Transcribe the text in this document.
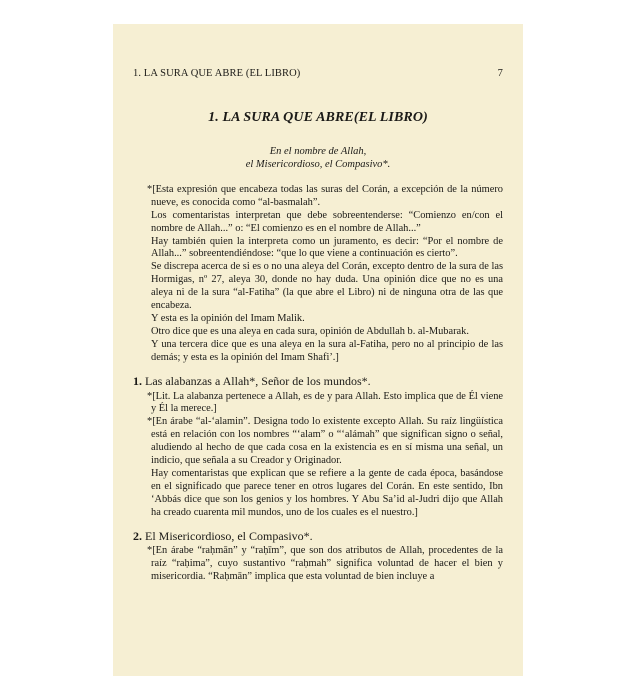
1. LA SURA QUE ABRE (EL LIBRO)	7
1. LA SURA QUE ABRE(EL LIBRO)
En el nombre de Allah,
el Misericordioso, el Compasivo*.

*[Esta expresión que encabeza todas las suras del Corán, a excepción de la número nueve, es conocida como “al-basmalah”.

Los comentaristas interpretan que debe sobreentenderse: “Comienzo en/con el nombre de Allah...” o: “El comienzo es en el nombre de Allah...”

Hay también quien la interpreta como un juramento, es decir: “Por el nombre de Allah...” sobreentendiéndose: “que lo que viene a continuación es cierto”.

Se discrepa acerca de si es o no una aleya del Corán, excepto dentro de la sura de las Hormigas, nº 27, aleya 30, donde no hay duda. Una opinión dice que no es una aleya ni de la sura “al-Fatiha” (la que abre el Libro) ni de ninguna otra de las que encabeza.

Y esta es la opinión del Imam Malik.

Otro dice que es una aleya en cada sura, opinión de Abdullah b. al-Mubarak.

Y una tercera dice que es una aleya en la sura al-Fatiha, pero no al principio de las demás; y esta es la opinión del Imam Shafi’.]

1. Las alabanzas a Allah*, Señor de los mundos*.

*[Lit. La alabanza pertenece a Allah, es de y para Allah. Esto implica que de Él viene y Él la merece.]

*[En árabe “al-‘alamin”. Designa todo lo existente excepto Allah. Su raíz lingüística está en relación con los nombres “‘alam” o “‘alámah” que significan signo o señal, aludiendo al hecho de que cada cosa en la existencia es en sí misma una señal, un indicio, que señala a su Creador y Originador.

Hay comentaristas que explican que se refiere a la gente de cada época, basándose en el significado que parece tener en otros lugares del Corán. En este sentido, Ibn ‘Abbás dice que son los genios y los hombres. Y Abu Sa’id al-Judri dijo que Allah ha creado cuarenta mil mundos, uno de los cuales es el nuestro.]

2. El Misericordioso, el Compasivo*.

*[En árabe “raḥmān” y “raḥīm”, que son dos atributos de Allah, procedentes de la raíz “raḥima”, cuyo sustantivo “raḥmah” significa voluntad de hacer el bien y misericordia. “Raḥmān” implica que esta voluntad de bien incluye a
